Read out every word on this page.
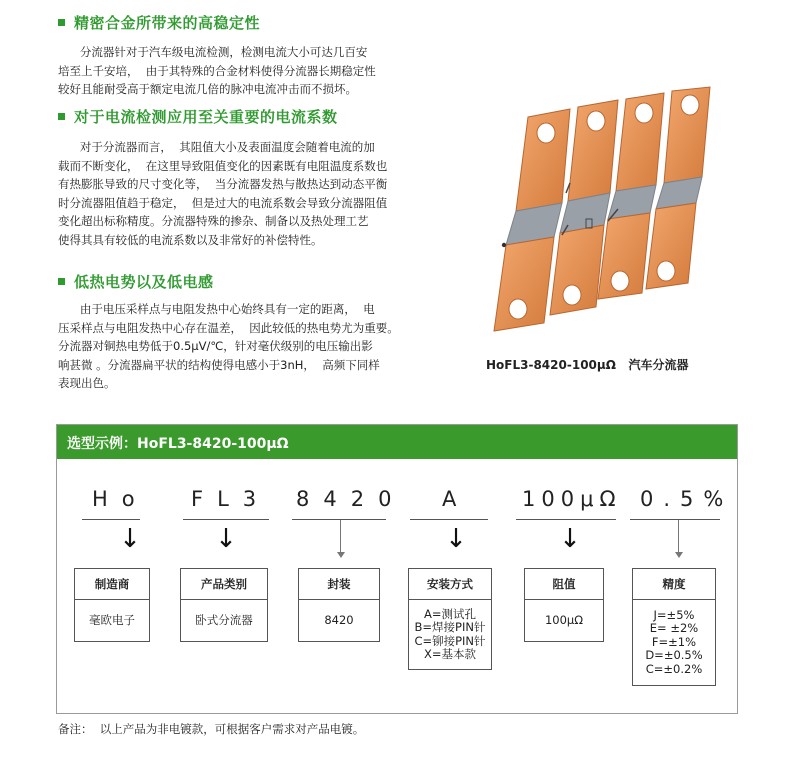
精密合金所带来的高稳定性
分流器针对于汽车级电流检测，检测电流大小可达几百安
培至上千安培，  由于其特殊的合金材料使得分流器长期稳定性
较好且能耐受高于额定电流几倍的脉冲电流冲击而不损坏。
对于电流检测应用至关重要的电流系数
对于分流器而言，  其阻值大小及表面温度会随着电流的加
载而不断变化，  在这里导致阻值变化的因素既有电阻温度系数也
有热膨胀导致的尺寸变化等，  当分流器发热与散热达到动态平衡
时分流器阻值趋于稳定，  但是过大的电流系数会导致分流器阻值
变化超出标称精度。分流器特殊的掺杂、制备以及热处理工艺
使得其具有较低的电流系数以及非常好的补偿特性。
低热电势以及低电感
由于电压采样点与电阻发热中心始终具有一定的距离，  电
压采样点与电阻发热中心存在温差，  因此较低的热电势尤为重要。
分流器对铜热电势低于0.5μV/℃，针对毫伏级别的电压输出影
响甚微 。分流器扁平状的结构使得电感小于3nH，  高频下同样
表现出色。
HoFL3-8420-100μΩ   汽车分流器
选型示例：HoFL3-8420-100μΩ
Ho
↓
FL3
↓
8420 A
↓
100μΩ
↓
0.5%
制造商
毫欧电子
产品类别
卧式分流器
封装
8420
安装方式
A=测试孔
B=焊接PIN针
C=铆接PIN针
X=基本款
阻值
100μΩ
精度
J=±5%
E= ±2%
F=±1%
D=±0.5%
C=±0.2%
备注：  以上产品为非电镀款，可根据客户需求对产品电镀。
